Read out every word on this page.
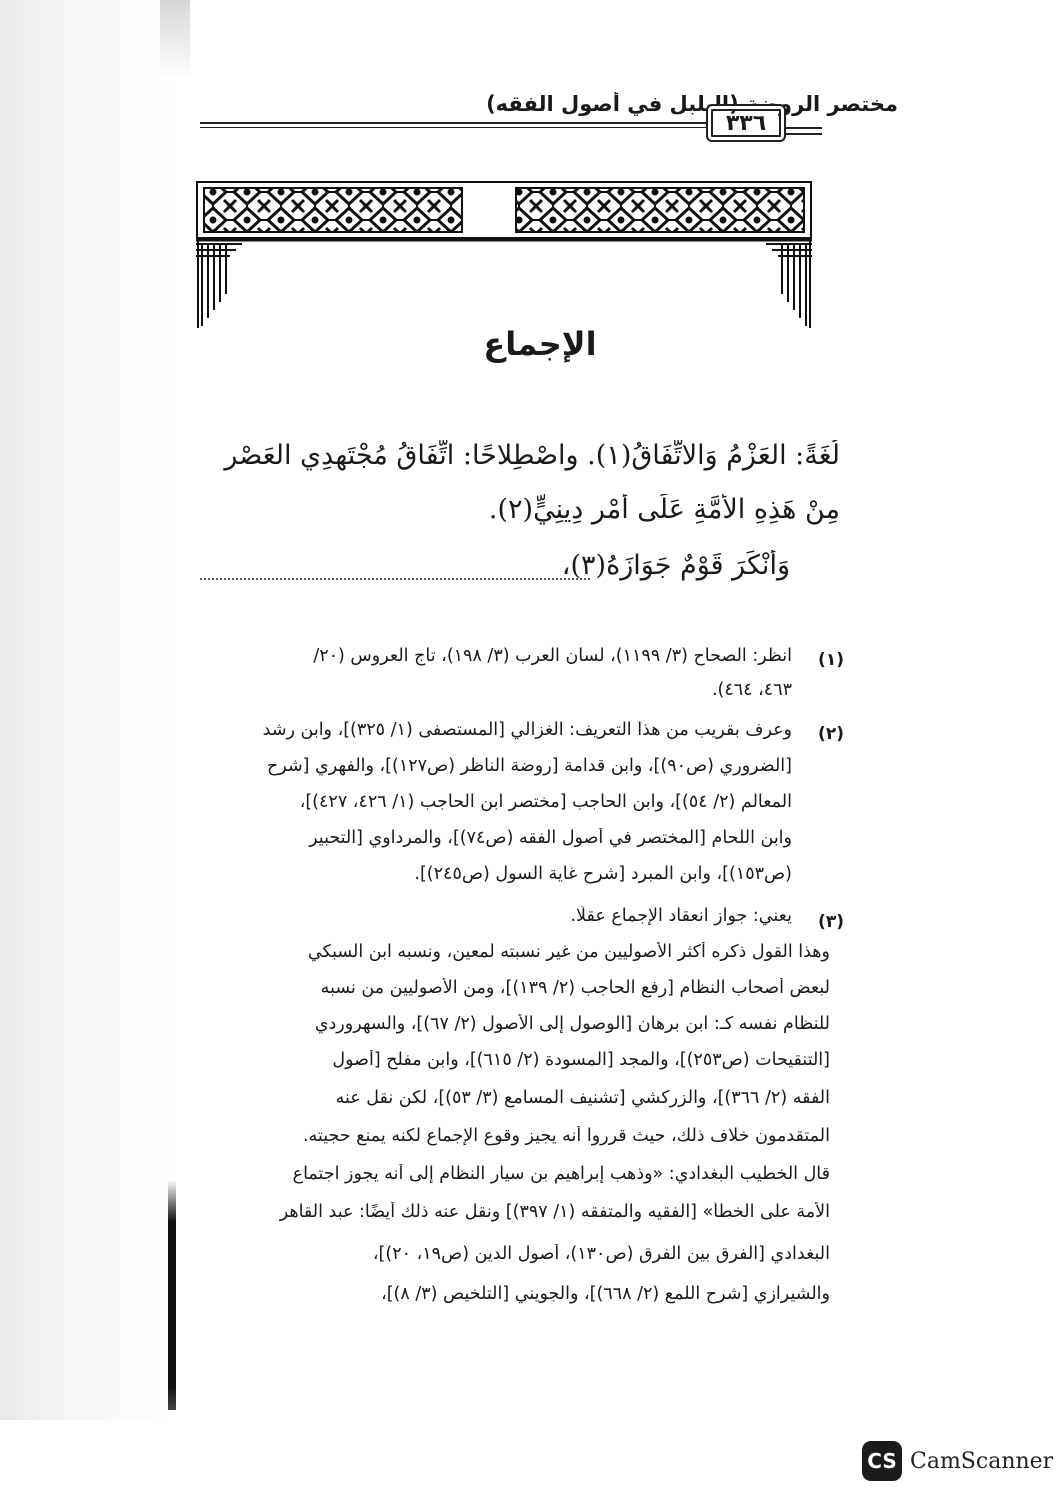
مختصر الروضة (البلبل في أصول الفقه)
٣٣٦
الإجماع
لُغَةً: العَزْمُ وَالاتِّفَاقُ(١). واصْطِلاحًا: اتِّفَاقُ مُجْتَهِدِي العَصْرِ
مِنْ هَذِهِ الأُمَّةِ عَلَى أَمْرٍ دِينِيٍّ(٢).
وَأَنْكَرَ قَوْمٌ جَوَازَهُ(٣)،
(١)
انظر: الصحاح (٣/ ١١٩٩)، لسان العرب (٣/ ١٩٨)، تاج العروس (٢٠/
٤٦٣، ٤٦٤).
(٢)
وعرف بقريب من هذا التعريف: الغزالي [المستصفى (١/ ٣٢٥)]، وابن رشد
[الضروري (ص٩٠)]، وابن قدامة [روضة الناظر (ص١٢٧)]، والفهري [شرح
المعالم (٢/ ٥٤)]، وابن الحاجب [مختصر ابن الحاجب (١/ ٤٢٦، ٤٢٧)]،
وابن اللحام [المختصر في أصول الفقه (ص٧٤)]، والمرداوي [التحبير
(ص١٥٣)]، وابن المبرد [شرح غاية السول (ص٢٤٥)].
(٣)
يعني: جواز انعقاد الإجماع عقلًا.
وهذا القول ذكره أكثر الأصوليين من غير نسبته لمعين، ونسبه ابن السبكي
لبعض أصحاب النظام [رفع الحاجب (٢/ ١٣٩)]، ومن الأصوليين من نسبه
للنظام نفسه كـ: ابن برهان [الوصول إلى الأصول (٢/ ٦٧)]، والسهروردي
[التنقيحات (ص٢٥٣)]، والمجد [المسودة (٢/ ٦١٥)]، وابن مفلح [أصول
الفقه (٢/ ٣٦٦)]، والزركشي [تشنيف المسامع (٣/ ٥٣)]، لكن نقل عنه
المتقدمون خلاف ذلك، حيث قرروا أنه يجيز وقوع الإجماع لكنه يمنع حجيته.
قال الخطيب البغدادي: «وذهب إبراهيم بن سيار النظام إلى أنه يجوز اجتماع
الأمة على الخطأ» [الفقيه والمتفقه (١/ ٣٩٧)] ونقل عنه ذلك أيضًا: عبد القاهر
البغدادي [الفرق بين الفرق (ص١٣٠)، أصول الدين (ص١٩، ٢٠)]،
والشيرازي [شرح اللمع (٢/ ٦٦٨)]، والجويني [التلخيص (٣/ ٨)]،
CS CamScanner
